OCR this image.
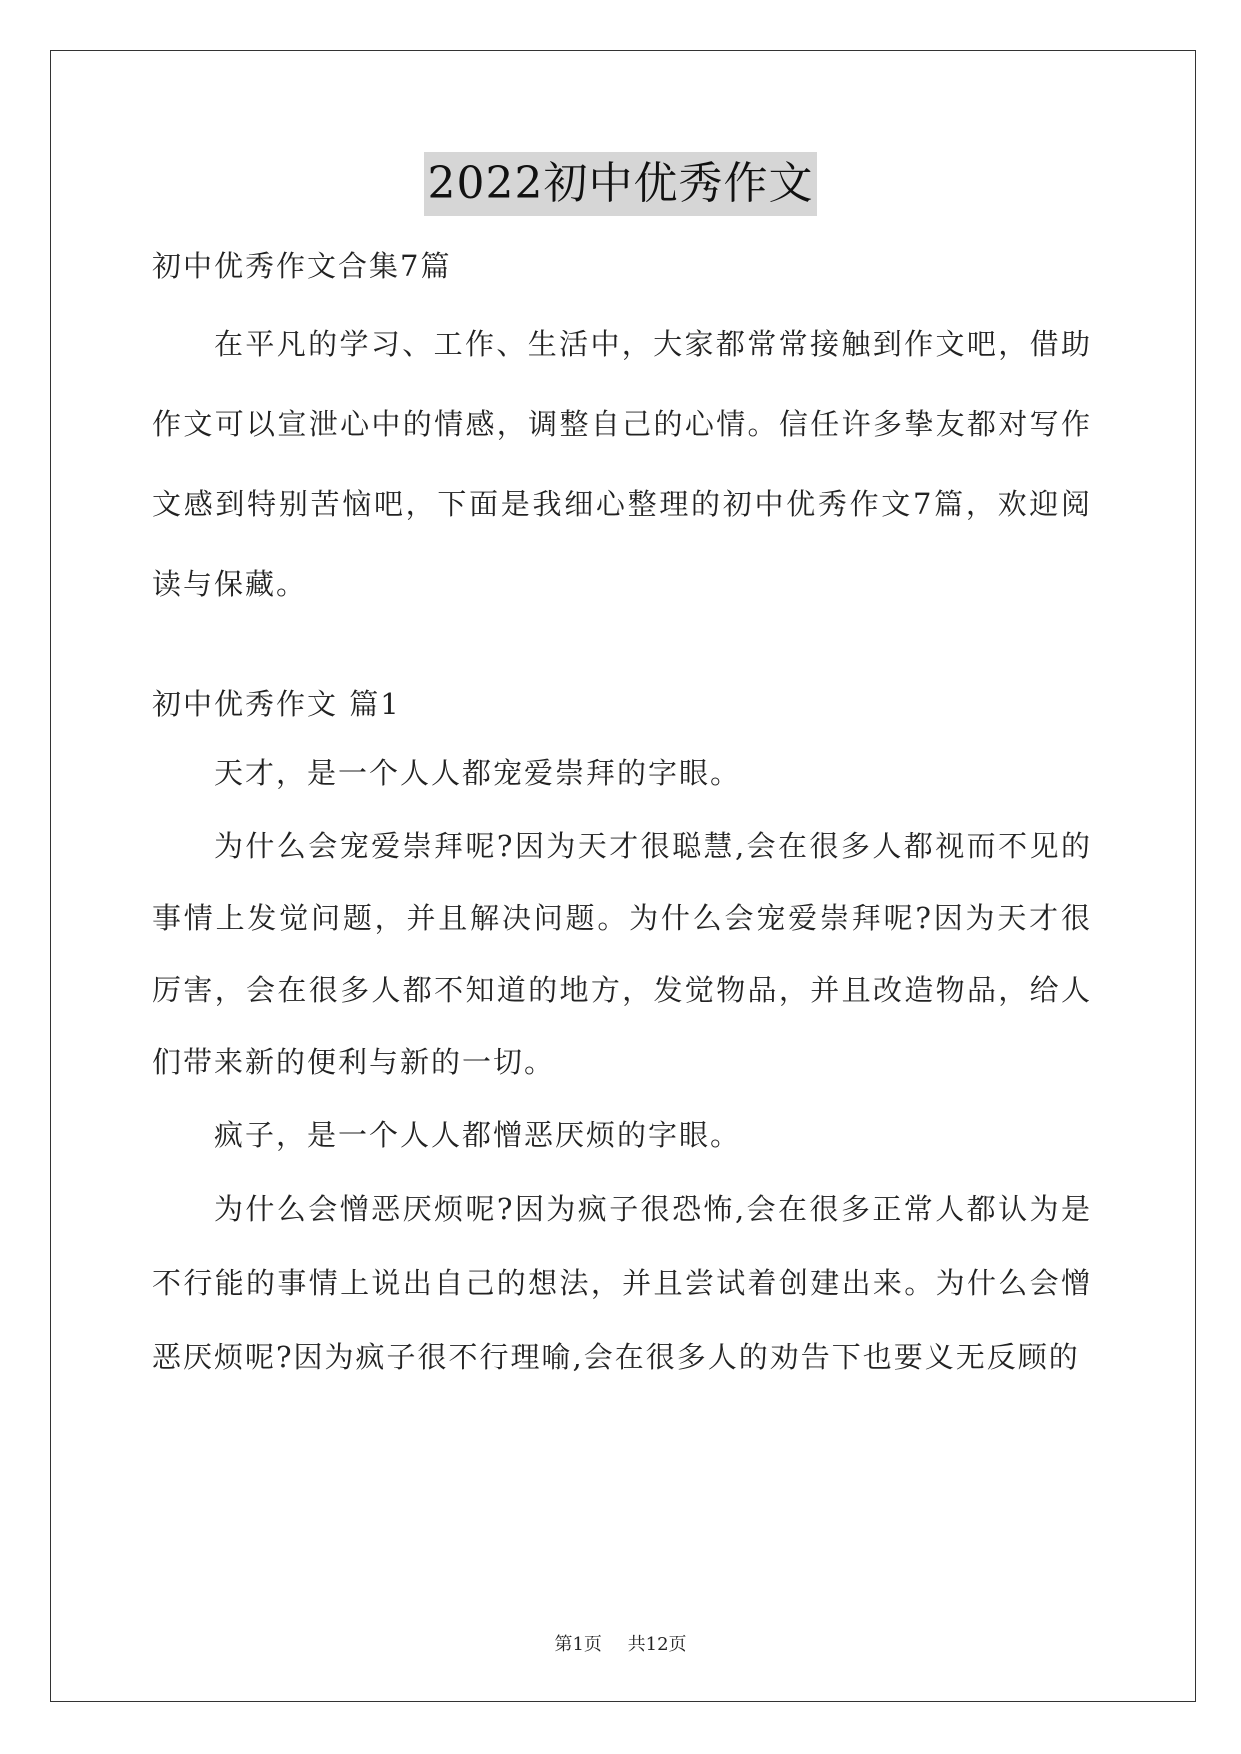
2022初中优秀作文
初中优秀作文合集7篇

在平凡的学习、工作、生活中，大家都常常接触到作文吧，借助作文可以宣泄心中的情感，调整自己的心情。信任许多挚友都对写作文感到特别苦恼吧，下面是我细心整理的初中优秀作文7篇，欢迎阅读与保藏。

初中优秀作文 篇1

天才，是一个人人都宠爱崇拜的字眼。

为什么会宠爱崇拜呢?因为天才很聪慧,会在很多人都视而不见的事情上发觉问题，并且解决问题。为什么会宠爱崇拜呢?因为天才很厉害，会在很多人都不知道的地方，发觉物品，并且改造物品，给人们带来新的便利与新的一切。

疯子，是一个人人都憎恶厌烦的字眼。

为什么会憎恶厌烦呢?因为疯子很恐怖,会在很多正常人都认为是不行能的事情上说出自己的想法，并且尝试着创建出来。为什么会憎恶厌烦呢?因为疯子很不行理喻,会在很多人的劝告下也要义无反顾的

第1页 共12页
